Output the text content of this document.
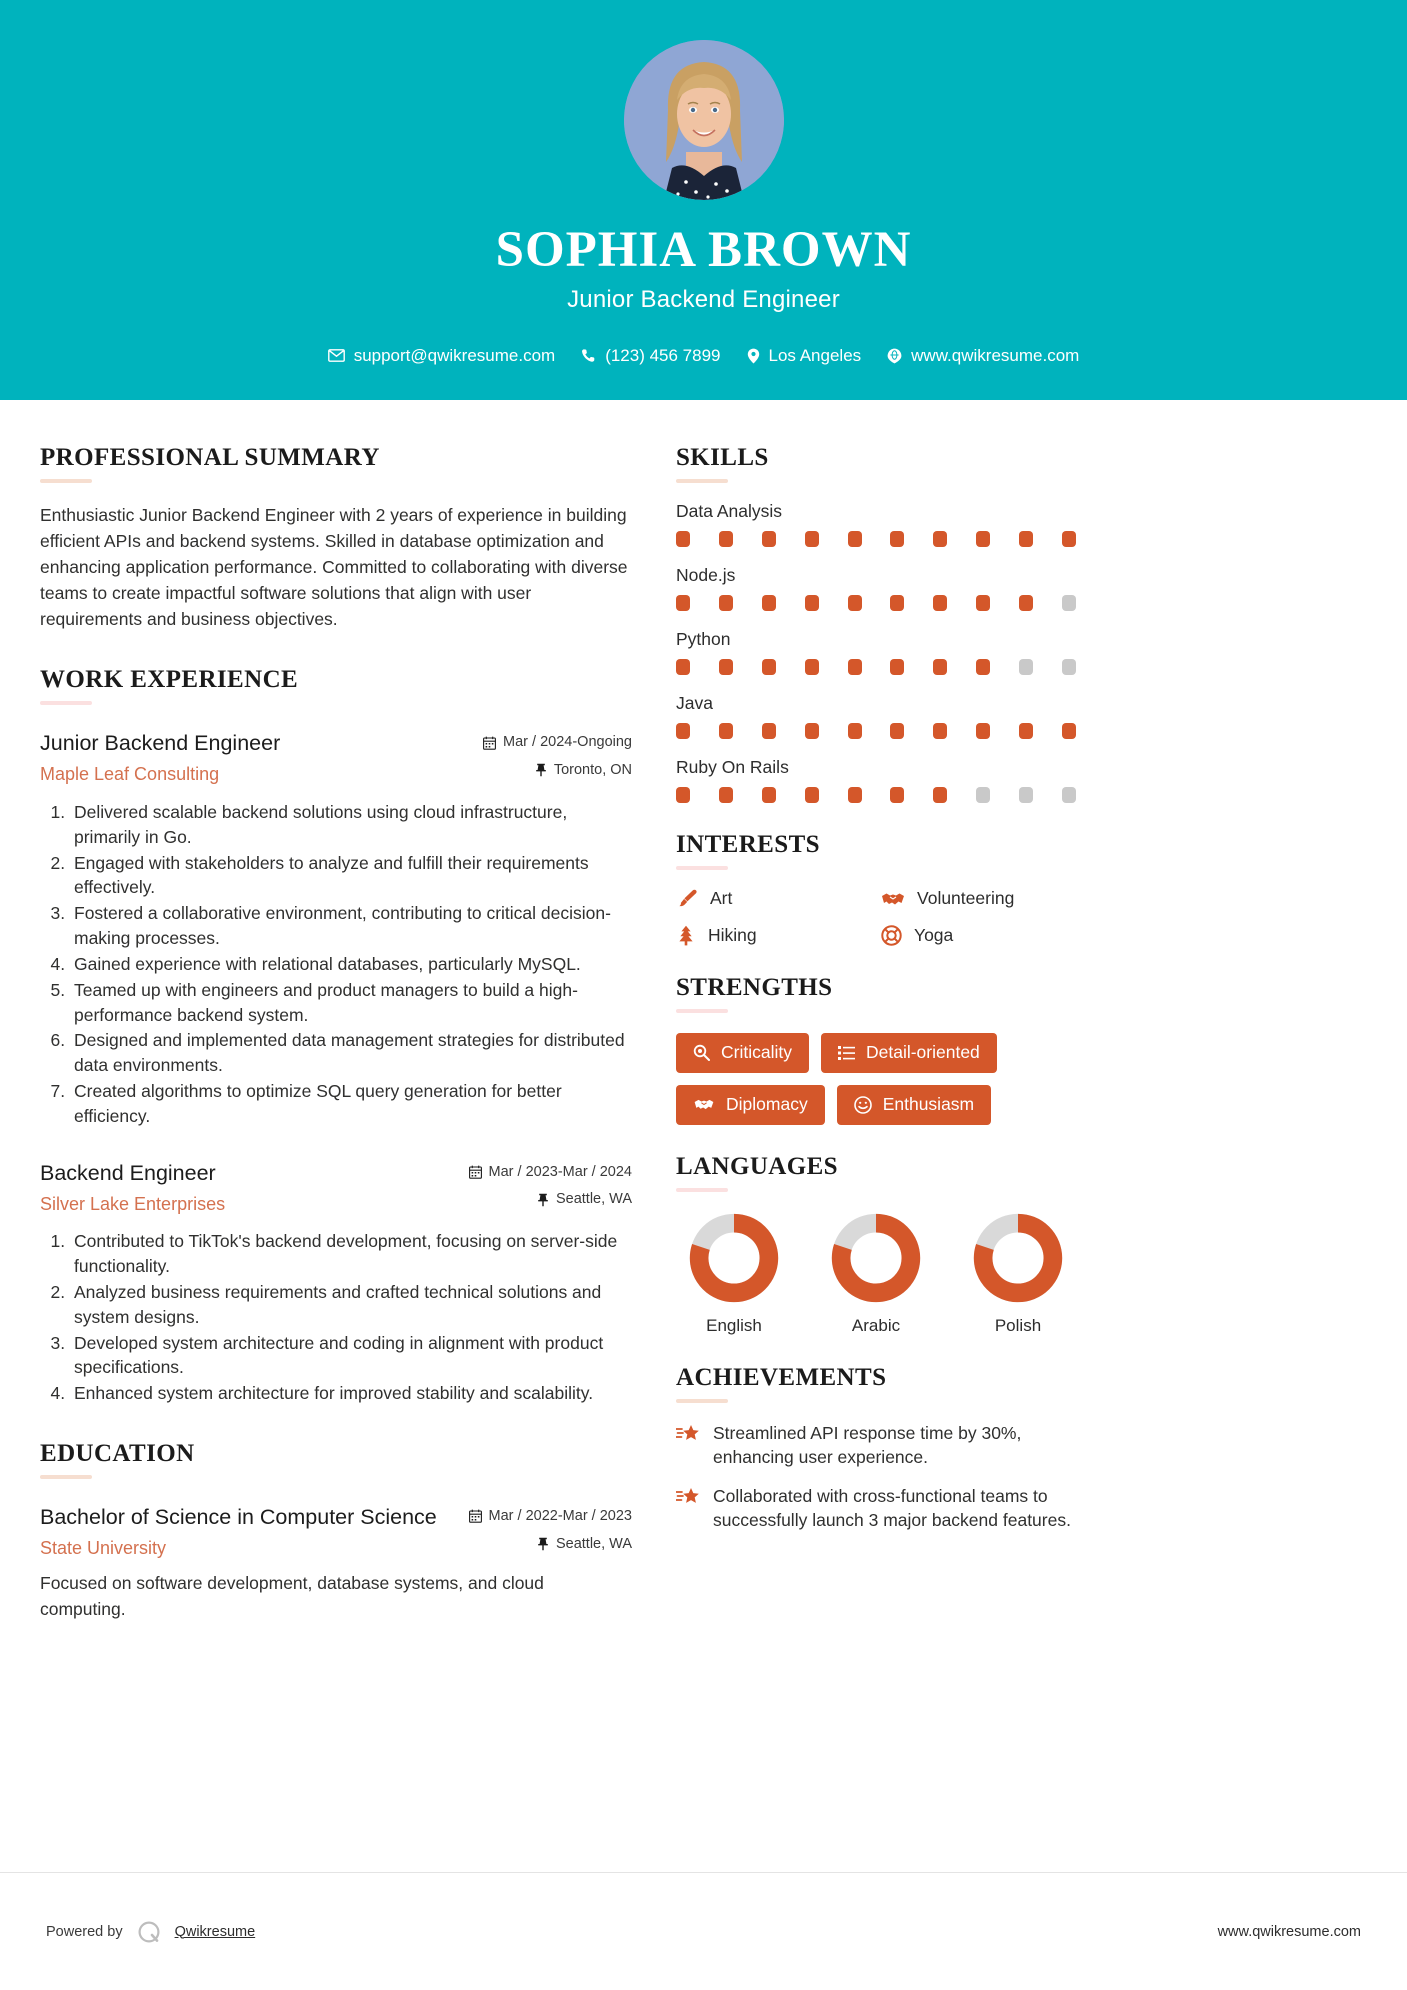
SOPHIA BROWN
Junior Backend Engineer
support@qwikresume.com	(123) 456 7899	Los Angeles	www.qwikresume.com
PROFESSIONAL SUMMARY

Enthusiastic Junior Backend Engineer with 2 years of experience in building efficient APIs and backend systems. Skilled in database optimization and enhancing application performance. Committed to collaborating with diverse teams to create impactful software solutions that align with user requirements and business objectives.

WORK EXPERIENCE
Junior Backend Engineer
Maple Leaf Consulting
Mar / 2024-Ongoing
Toronto, ON
1. Delivered scalable backend solutions using cloud infrastructure, primarily in Go.
2. Engaged with stakeholders to analyze and fulfill their requirements effectively.
3. Fostered a collaborative environment, contributing to critical decision-making processes.
4. Gained experience with relational databases, particularly MySQL.
5. Teamed up with engineers and product managers to build a high-performance backend system.
6. Designed and implemented data management strategies for distributed data environments.
7. Created algorithms to optimize SQL query generation for better efficiency.
Backend Engineer
Silver Lake Enterprises
Mar / 2023-Mar / 2024
Seattle, WA
1. Contributed to TikTok's backend development, focusing on server-side functionality.
2. Analyzed business requirements and crafted technical solutions and system designs.
3. Developed system architecture and coding in alignment with product specifications.
4. Enhanced system architecture for improved stability and scalability.
EDUCATION
Bachelor of Science in Computer Science
State University
Mar / 2022-Mar / 2023
Seattle, WA

Focused on software development, database systems, and cloud computing.

SKILLS
Data Analysis
Node.js
Python
Java
Ruby On Rails
INTERESTS
Art	Volunteering
Hiking	Yoga
STRENGTHS
Criticality	Detail-oriented
Diplomacy	Enthusiasm
LANGUAGES
English	Arabic	Polish
ACHIEVEMENTS
Streamlined API response time by 30%, enhancing user experience.
Collaborated with cross-functional teams to successfully launch 3 major backend features.
Powered by	Qwikresume	www.qwikresume.com
